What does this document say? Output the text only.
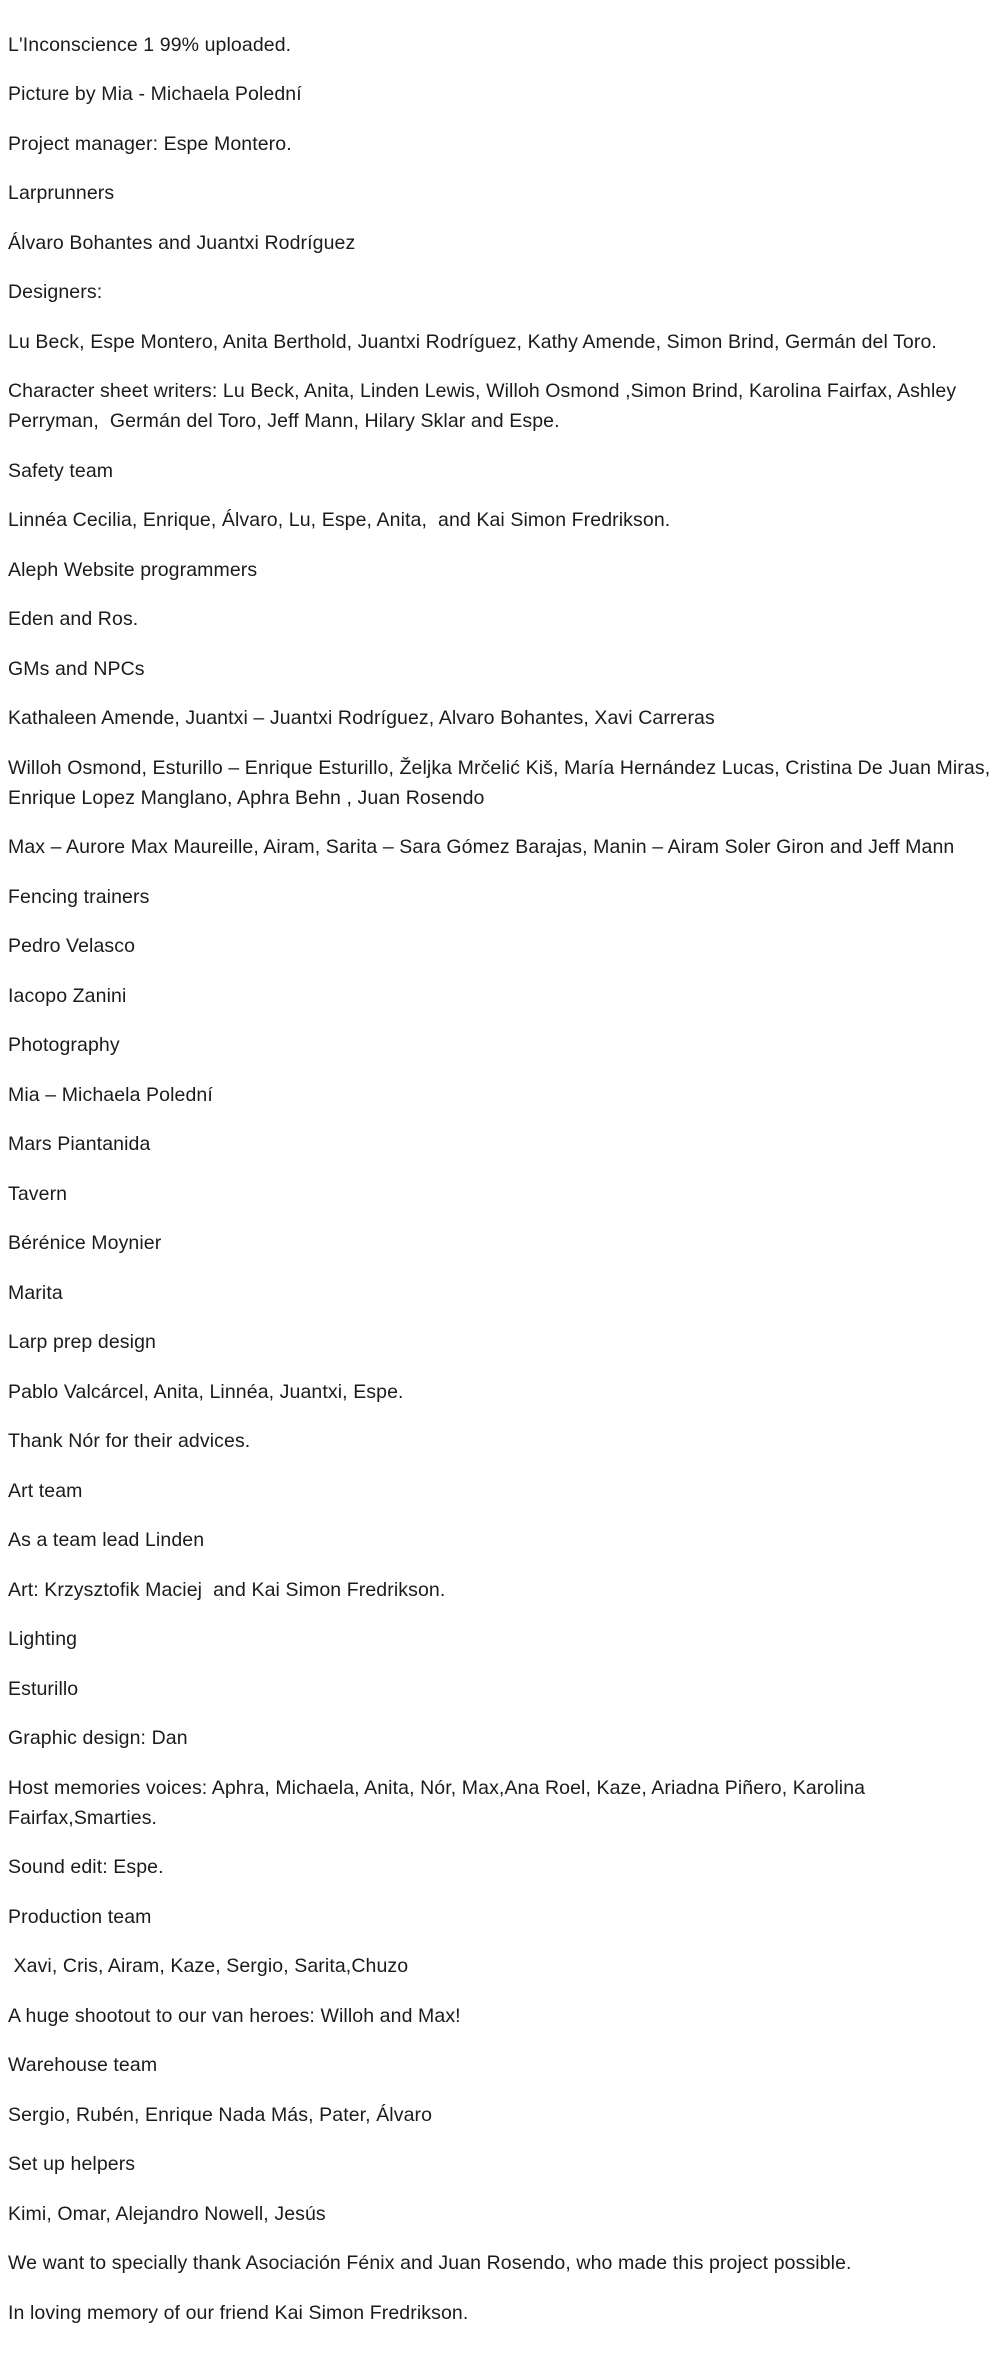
L'Inconscience 1 99% uploaded.

Picture by Mia - Michaela Polední

Project manager: Espe Montero.

Larprunners

Álvaro Bohantes and Juantxi Rodríguez

Designers:

Lu Beck, Espe Montero, Anita Berthold, Juantxi Rodríguez, Kathy Amende, Simon Brind, Germán del Toro.

Character sheet writers: Lu Beck, Anita, Linden Lewis, Willoh Osmond ,Simon Brind, Karolina Fairfax, Ashley Perryman,  Germán del Toro, Jeff Mann, Hilary Sklar and Espe.

Safety team

Linnéa Cecilia, Enrique, Álvaro, Lu, Espe, Anita,  and Kai Simon Fredrikson.

Aleph Website programmers

Eden and Ros.

GMs and NPCs

Kathaleen Amende, Juantxi – Juantxi Rodríguez, Alvaro Bohantes, Xavi Carreras

Willoh Osmond, Esturillo – Enrique Esturillo, Željka Mrčelić Kiš, María Hernández Lucas, Cristina De Juan Miras, Enrique Lopez Manglano, Aphra Behn , Juan Rosendo

Max – Aurore Max Maureille, Airam, Sarita – Sara Gómez Barajas, Manin – Airam Soler Giron and Jeff Mann

Fencing trainers

Pedro Velasco

Iacopo Zanini

Photography

Mia – Michaela Polední

Mars Piantanida

Tavern

Bérénice Moynier

Marita

Larp prep design

Pablo Valcárcel, Anita, Linnéa, Juantxi, Espe.

Thank Nór for their advices.

Art team

As a team lead Linden

Art: Krzysztofik Maciej  and Kai Simon Fredrikson.

Lighting

Esturillo

Graphic design: Dan

Host memories voices: Aphra, Michaela, Anita, Nór, Max,Ana Roel, Kaze, Ariadna Piñero, Karolina Fairfax,Smarties.

Sound edit: Espe.

Production team

Xavi, Cris, Airam, Kaze, Sergio, Sarita,Chuzo

A huge shootout to our van heroes: Willoh and Max!

Warehouse team

Sergio, Rubén, Enrique Nada Más, Pater, Álvaro

Set up helpers

Kimi, Omar, Alejandro Nowell, Jesús

We want to specially thank Asociación Fénix and Juan Rosendo, who made this project possible.

In loving memory of our friend Kai Simon Fredrikson.
